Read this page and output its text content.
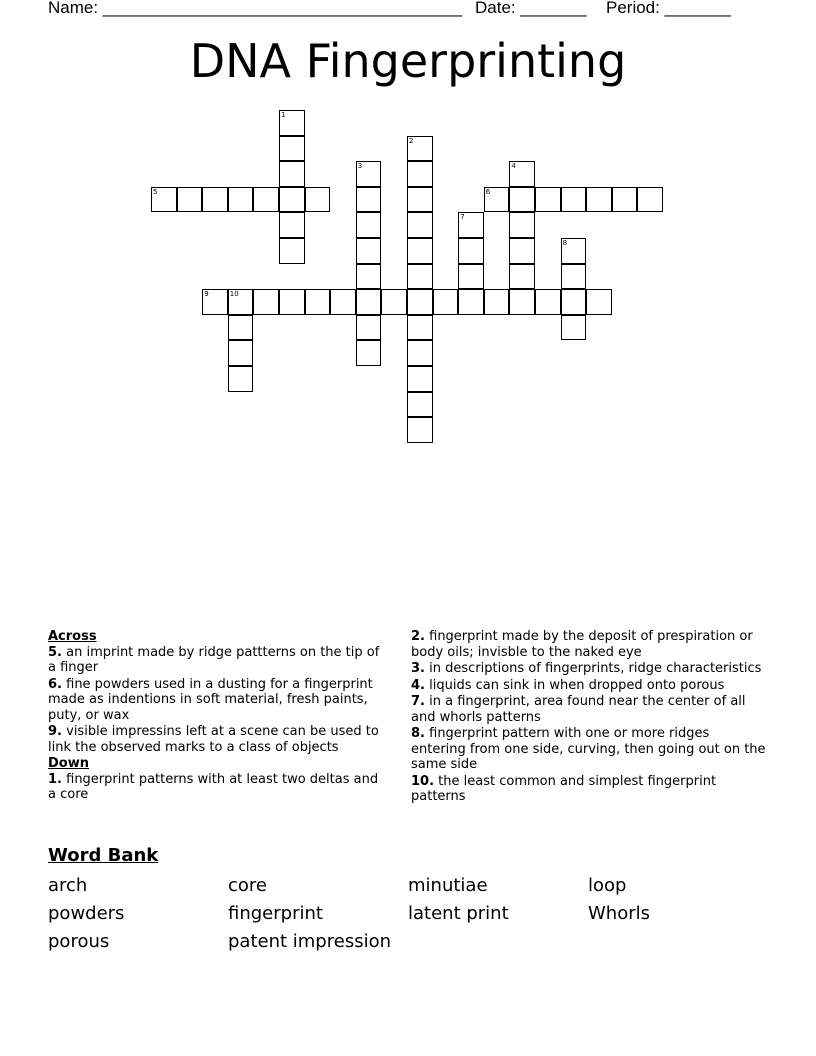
Name: ______________________________________ Date: _______ Period: _______
DNA Fingerprinting
5	6
9	10
1
2
3	4
7
8
Across
5. an imprint made by ridge pattterns on the tip of a finger
6. fine powders used in a dusting for a fingerprint made as indentions in soft material, fresh paints, puty, or wax
9. visible impressins left at a scene can be used to link the observed marks to a class of objects
Down
1. fingerprint patterns with at least two deltas and a core
2. fingerprint made by the deposit of prespiration or body oils; invisble to the naked eye
3. in descriptions of fingerprints, ridge characteristics
4. liquids can sink in when dropped onto porous
7. in a fingerprint, area found near the center of all and whorls patterns
8. fingerprint pattern with one or more ridges entering from one side, curving, then going out on the same side
10. the least common and simplest fingerprint patterns
Word Bank
arch	core	minutiae	loop
powders	fingerprint	latent print	Whorls
porous	patent impression
